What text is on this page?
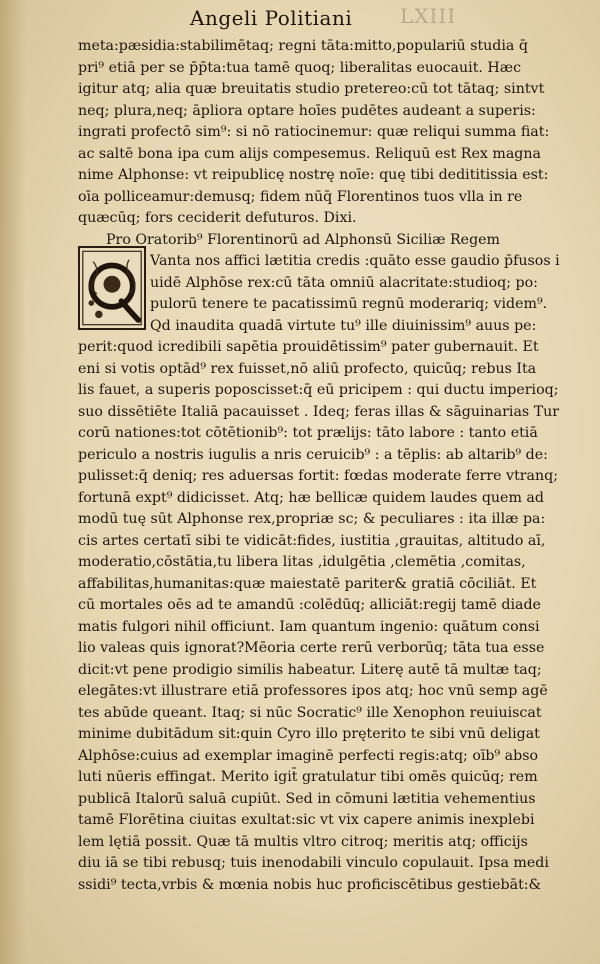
Angeli Politiani	LXIII
meta:pæsidia:stabilimētaq; regni tāta:mitto,populariū studia q̄
pri⁹ etiā per se p̄p̄ta:tua tamē quoq; liberalitas euocauit. Hæc
igitur atq; alia quæ breuitatis studio pretereo:cū tot tātaq; sintvt
neq; plura,neq; āpliora optare hoīes pudētes audeant a superis:
ingrati profectō sim⁹: si nō ratiocinemur: quæ reliqui summa fiat:
ac saltē bona ipa cum alijs compesemus. Reliquū est Rex magna
nime Alphonse: vt reipublicę nostrę noīe: quę tibi dedititissia est:
oīa polliceamur:demusq; fidem nūq̄ Florentinos tuos vlla in re
quæcūq; fors ceciderit defuturos. Dixi.
Pro Oratorib⁹ Florentinorū ad Alphonsū Siciliæ Regem
Vanta nos affici lætitia credis :quāto esse gaudio p̄fusos i
uidē Alphōse rex:cū tāta omniū alacritate:studioq; po:
pulorū tenere te pacatissimū regnū moderariq; videm⁹.
Qd inaudita quadā virtute tu⁹ ille diuinissim⁹ auus pe:
perit:quod icredibili sapētia prouidētissim⁹ pater gubernauit. Et
eni si votis optād⁹ rex fuisset,nō aliū profecto, quicūq; rebus Ita
lis fauet, a superis poposcisset:q̄ eū pricipem : qui ductu imperioq;
suo dissētiēte Italiā pacauisset . Ideq; feras illas & sāguinarias Tur
corū nationes:tot cōtētionib⁹: tot prælijs: tāto labore : tanto etiā
periculo a nostris iugulis a nris ceruicib⁹ : a tēplis: ab altarib⁹ de:
pulisset:q̄ deniq; res aduersas fortit: fœdas moderate ferre vtranq;
fortunā expt⁹ didicisset. Atq; hæ bellicæ quidem laudes quem ad
modū tuę sūt Alphonse rex,propriæ sc; & peculiares : ita illæ pa:
cis artes certatī sibi te vidicāt:fides, iustitia ,grauitas, altitudo aī,
moderatio,cōstātia,tu libera litas ,idulgētia ,clemētia ,comitas,
affabilitas,humanitas:quæ maiestatē pariter& gratiā cōciliāt. Et
cū mortales oēs ad te amandū :colēdūq; alliciāt:regij tamē diade
matis fulgori nihil officiunt. Iam quantum ingenio: quātum consi
lio valeas quis ignorat?Mēoria certe rerū verborūq; tāta tua esse
dicit:vt pene prodigio similis habeatur. Literę autē tā multæ taq;
elegātes:vt illustrare etiā professores ipos atq; hoc vnū semp agē
tes abūde queant. Itaq; si nūc Socratic⁹ ille Xenophon reuiuiscat
minime dubitādum sit:quin Cyro illo pręterito te sibi vnū deligat
Alphōse:cuius ad exemplar imaginē perfecti regis:atq; oīb⁹ abso
luti nūeris effingat. Merito igit̄ gratulatur tibi omēs quicūq; rem
publicā Italorū saluā cupiūt. Sed in cōmuni lætitia vehementius
tamē Florētina ciuitas exultat:sic vt vix capere animis inexplebi
lem lętiā possit. Quæ tā multis vltro citroq; meritis atq; officijs
diu iā se tibi rebusq; tuis inenodabili vinculo copulauit. Ipsa medi
ssidi⁹ tecta,vrbis & mœnia nobis huc proficiscētibus gestiebāt:&
